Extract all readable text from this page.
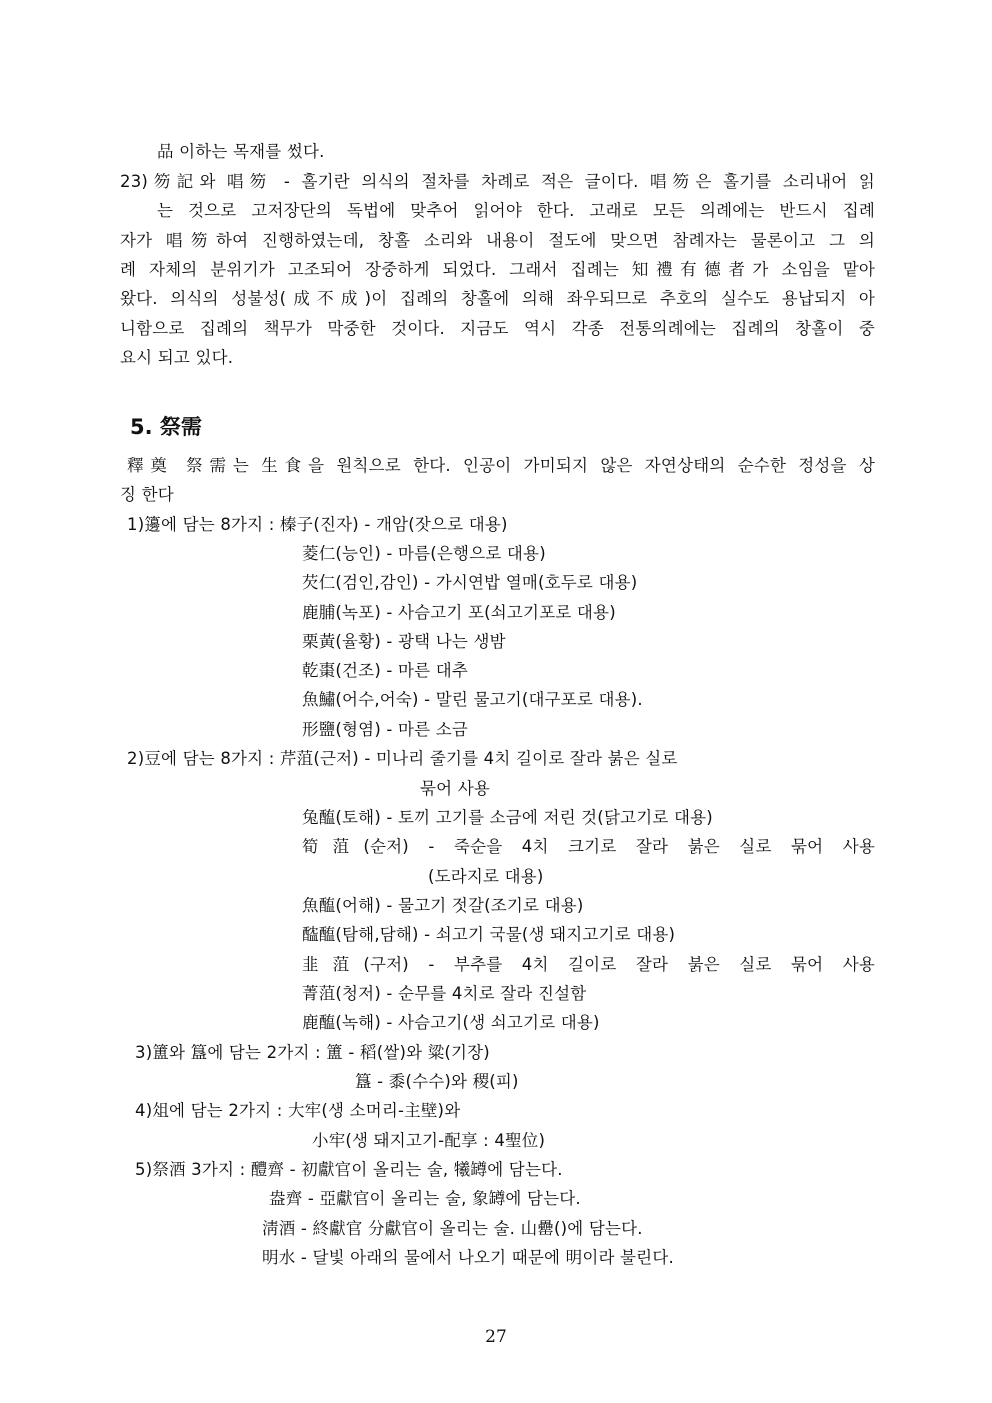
品 이하는 목재를 썼다.
23)笏記와 唱笏 - 홀기란 의식의 절차를 차례로 적은 글이다. 唱笏은 홀기를 소리내어 읽
는 것으로 고저장단의 독법에 맞추어 읽어야 한다. 고래로 모든 의례에는 반드시 집례
자가 唱笏하여 진행하였는데, 창홀 소리와 내용이 절도에 맞으면 참례자는 물론이고 그 의
례 자체의 분위기가 고조되어 장중하게 되었다. 그래서 집례는 知禮有德者가 소임을 맡아
왔다. 의식의 성불성(成不成)이 집례의 창홀에 의해 좌우되므로 추호의 실수도 용납되지 아
니함으로 집례의 책무가 막중한 것이다. 지금도 역시 각종 전통의례에는 집례의 창홀이 중
요시 되고 있다.
5. 祭需
釋奠 祭需는 生食을 원칙으로 한다. 인공이 가미되지 않은 자연상태의 순수한 정성을 상
징 한다
1)籩에 담는 8가지 : 榛子(진자) - 개암(잣으로 대용)
菱仁(능인) - 마름(은행으로 대용)
芡仁(검인,감인) - 가시연밥 열매(호두로 대용)
鹿脯(녹포) - 사슴고기 포(쇠고기포로 대용)
栗黃(율황) - 광택 나는 생밤
乾棗(건조) - 마른 대추
魚鱐(어수,어숙) - 말린 물고기(대구포로 대용).
形鹽(형염) - 마른 소금
2)豆에 담는 8가지 : 芹菹(근저) - 미나리 줄기를 4치 길이로 잘라 붉은 실로
묶어 사용
兔醢(토해) - 토끼 고기를 소금에 저린 것(닭고기로 대용)
筍菹(순저) - 죽순을 4치 크기로 잘라 붉은 실로 묶어 사용
(도라지로 대용)
魚醢(어해) - 물고기 젓갈(조기로 대용)
醓醢(탐해,담해) - 쇠고기 국물(생 돼지고기로 대용)
韭菹(구저) - 부추를 4치 길이로 잘라 붉은 실로 묶어 사용
菁菹(청저) - 순무를 4치로 잘라 진설함
鹿醢(녹해) - 사슴고기(생 쇠고기로 대용)
3)簠와 簋에 담는 2가지 : 簠 - 稻(쌀)와 粱(기장)
簋 - 黍(수수)와 稷(피)
4)俎에 담는 2가지 : 大牢(생 소머리-主壁)와
小牢(생 돼지고기-配享 : 4聖位)
5)祭酒 3가지 : 醴齊 - 初獻官이 올리는 술, 犧罇에 담는다.
盎齊 - 亞獻官이 올리는 술, 象罇에 담는다.
淸酒 - 終獻官 分獻官이 올리는 술. 山罍()에 담는다.
明水 - 달빛 아래의 물에서 나오기 때문에 明이라 불린다.
27
